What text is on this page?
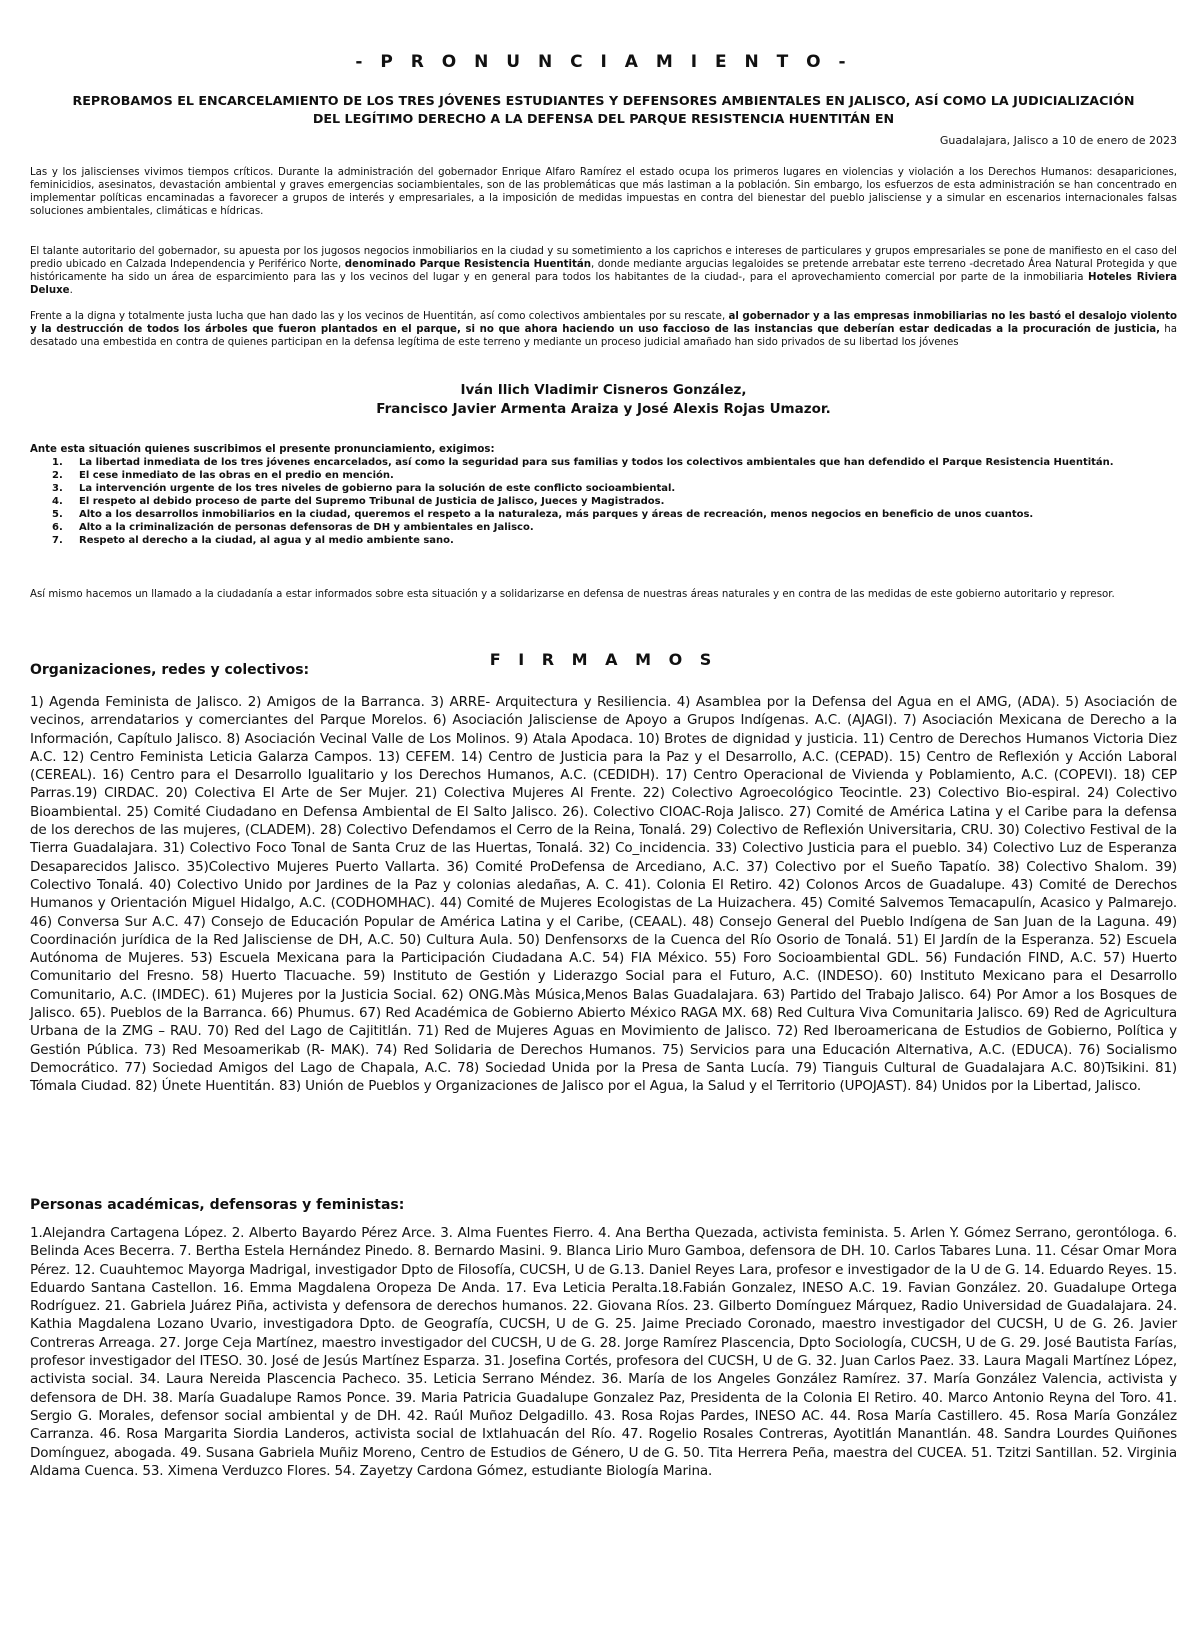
- P R O N U N C I A M I E N T O -
REPROBAMOS EL ENCARCELAMIENTO DE LOS TRES JÓVENES ESTUDIANTES Y DEFENSORES AMBIENTALES EN JALISCO, ASÍ COMO LA JUDICIALIZACIÓN
DEL LEGÍTIMO DERECHO A LA DEFENSA DEL PARQUE RESISTENCIA HUENTITÁN EN
Guadalajara, Jalisco a 10 de enero de 2023

Las y los jaliscienses vivimos tiempos críticos. Durante la administración del gobernador Enrique Alfaro Ramírez el estado ocupa los primeros lugares en violencias y violación a los Derechos Humanos: desapariciones, feminicidios, asesinatos, devastación ambiental y graves emergencias sociambientales, son de las problemáticas que más lastiman a la población. Sin embargo, los esfuerzos de esta administración se han concentrado en implementar políticas encaminadas a favorecer a grupos de interés y empresariales, a la imposición de medidas impuestas en contra del bienestar del pueblo jalisciense y a simular en escenarios internacionales falsas soluciones ambientales, climáticas e hídricas.

El talante autoritario del gobernador, su apuesta por los jugosos negocios inmobiliarios en la ciudad y su sometimiento a los caprichos e intereses de particulares y grupos empresariales se pone de manifiesto en el caso del predio ubicado en Calzada Independencia y Periférico Norte, denominado Parque Resistencia Huentitán, donde mediante argucias legaloides se pretende arrebatar este terreno -decretado Área Natural Protegida y que históricamente ha sido un área de esparcimiento para las y los vecinos del lugar y en general para todos los habitantes de la ciudad-, para el aprovechamiento comercial por parte de la inmobiliaria Hoteles Riviera Deluxe.

Frente a la digna y totalmente justa lucha que han dado las y los vecinos de Huentitán, así como colectivos ambientales por su rescate, al gobernador y a las empresas inmobiliarias no les bastó el desalojo violento y la destrucción de todos los árboles que fueron plantados en el parque, si no que ahora haciendo un uso faccioso de las instancias que deberían estar dedicadas a la procuración de justicia, ha desatado una embestida en contra de quienes participan en la defensa legítima de este terreno y mediante un proceso judicial amañado han sido privados de su libertad los jóvenes

Iván Ilich Vladimir Cisneros González,
Francisco Javier Armenta Araiza y José Alexis Rojas Umazor.

Ante esta situación quienes suscribimos el presente pronunciamiento, exigimos:

1. La libertad inmediata de los tres jóvenes encarcelados, así como la seguridad para sus familias y todos los colectivos ambientales que han defendido el Parque Resistencia Huentitán.
2. El cese inmediato de las obras en el predio en mención.
3. La intervención urgente de los tres niveles de gobierno para la solución de este conflicto socioambiental.
4. El respeto al debido proceso de parte del Supremo Tribunal de Justicia de Jalisco, Jueces y Magistrados.
5. Alto a los desarrollos inmobiliarios en la ciudad, queremos el respeto a la naturaleza, más parques y áreas de recreación, menos negocios en beneficio de unos cuantos.
6. Alto a la criminalización de personas defensoras de DH y ambientales en Jalisco.
7. Respeto al derecho a la ciudad, al agua y al medio ambiente sano.

Así mismo hacemos un llamado a la ciudadanía a estar informados sobre esta situación y a solidarizarse en defensa de nuestras áreas naturales y en contra de las medidas de este gobierno autoritario y represor.

F I R M A M O S
Organizaciones, redes y colectivos:

1) Agenda Feminista de Jalisco. 2) Amigos de la Barranca. 3) ARRE- Arquitectura y Resiliencia. 4) Asamblea por la Defensa del Agua en el AMG, (ADA). 5) Asociación de vecinos, arrendatarios y comerciantes del Parque Morelos. 6) Asociación Jalisciense de Apoyo a Grupos Indígenas. A.C. (AJAGI). 7) Asociación Mexicana de Derecho a la Información, Capítulo Jalisco. 8) Asociación Vecinal Valle de Los Molinos. 9) Atala Apodaca. 10) Brotes de dignidad y justicia. 11) Centro de Derechos Humanos Victoria Diez A.C. 12) Centro Feminista Leticia Galarza Campos. 13) CEFEM. 14) Centro de Justicia para la Paz y el Desarrollo, A.C. (CEPAD). 15) Centro de Reflexión y Acción Laboral (CEREAL). 16) Centro para el Desarrollo Igualitario y los Derechos Humanos, A.C. (CEDIDH). 17) Centro Operacional de Vivienda y Poblamiento, A.C. (COPEVI). 18) CEP Parras.19) CIRDAC. 20) Colectiva El Arte de Ser Mujer. 21) Colectiva Mujeres Al Frente. 22) Colectivo Agroecológico Teocintle. 23) Colectivo Bio-espiral. 24) Colectivo Bioambiental. 25) Comité Ciudadano en Defensa Ambiental de El Salto Jalisco. 26). Colectivo CIOAC-Roja Jalisco. 27) Comité de América Latina y el Caribe para la defensa de los derechos de las mujeres, (CLADEM). 28) Colectivo Defendamos el Cerro de la Reina, Tonalá. 29) Colectivo de Reflexión Universitaria, CRU. 30) Colectivo Festival de la Tierra Guadalajara. 31) Colectivo Foco Tonal de Santa Cruz de las Huertas, Tonalá. 32) Co_incidencia. 33) Colectivo Justicia para el pueblo. 34) Colectivo Luz de Esperanza Desaparecidos Jalisco. 35)Colectivo Mujeres Puerto Vallarta. 36) Comité ProDefensa de Arcediano, A.C. 37) Colectivo por el Sueño Tapatío. 38) Colectivo Shalom. 39) Colectivo Tonalá. 40) Colectivo Unido por Jardines de la Paz y colonias aledañas, A. C. 41). Colonia El Retiro. 42) Colonos Arcos de Guadalupe. 43) Comité de Derechos Humanos y Orientación Miguel Hidalgo, A.C. (CODHOMHAC). 44) Comité de Mujeres Ecologistas de La Huizachera. 45) Comité Salvemos Temacapulín, Acasico y Palmarejo. 46) Conversa Sur A.C. 47) Consejo de Educación Popular de América Latina y el Caribe, (CEAAL). 48) Consejo General del Pueblo Indígena de San Juan de la Laguna. 49) Coordinación jurídica de la Red Jalisciense de DH, A.C. 50) Cultura Aula. 50) Denfensorxs de la Cuenca del Río Osorio de Tonalá. 51) El Jardín de la Esperanza. 52) Escuela Autónoma de Mujeres. 53) Escuela Mexicana para la Participación Ciudadana A.C. 54) FIA México. 55) Foro Socioambiental GDL. 56) Fundación FIND, A.C. 57) Huerto Comunitario del Fresno. 58) Huerto Tlacuache. 59) Instituto de Gestión y Liderazgo Social para el Futuro, A.C. (INDESO). 60) Instituto Mexicano para el Desarrollo Comunitario, A.C. (IMDEC). 61) Mujeres por la Justicia Social. 62) ONG.Màs Música,Menos Balas Guadalajara. 63) Partido del Trabajo Jalisco. 64) Por Amor a los Bosques de Jalisco. 65). Pueblos de la Barranca. 66) Phumus. 67) Red Académica de Gobierno Abierto México RAGA MX. 68) Red Cultura Viva Comunitaria Jalisco. 69) Red de Agricultura Urbana de la ZMG – RAU. 70) Red del Lago de Cajititlán. 71) Red de Mujeres Aguas en Movimiento de Jalisco. 72) Red Iberoamericana de Estudios de Gobierno, Política y Gestión Pública. 73) Red Mesoamerikab (R- MAK). 74) Red Solidaria de Derechos Humanos. 75) Servicios para una Educación Alternativa, A.C. (EDUCA). 76) Socialismo Democrático. 77) Sociedad Amigos del Lago de Chapala, A.C. 78) Sociedad Unida por la Presa de Santa Lucía. 79) Tianguis Cultural de Guadalajara A.C. 80)Tsikini. 81) Tómala Ciudad. 82) Únete Huentitán. 83) Unión de Pueblos y Organizaciones de Jalisco por el Agua, la Salud y el Territorio (UPOJAST). 84) Unidos por la Libertad, Jalisco.

Personas académicas, defensoras y feministas:

1.Alejandra Cartagena López. 2. Alberto Bayardo Pérez Arce. 3. Alma Fuentes Fierro. 4. Ana Bertha Quezada, activista feminista. 5. Arlen Y. Gómez Serrano, gerontóloga. 6. Belinda Aces Becerra. 7. Bertha Estela Hernández Pinedo. 8. Bernardo Masini. 9. Blanca Lirio Muro Gamboa, defensora de DH. 10. Carlos Tabares Luna. 11. César Omar Mora Pérez. 12. Cuauhtemoc Mayorga Madrigal, investigador Dpto de Filosofía, CUCSH, U de G.13. Daniel Reyes Lara, profesor e investigador de la U de G. 14. Eduardo Reyes. 15. Eduardo Santana Castellon. 16. Emma Magdalena Oropeza De Anda. 17. Eva Leticia Peralta.18.Fabián Gonzalez, INESO A.C. 19. Favian González. 20. Guadalupe Ortega Rodríguez. 21. Gabriela Juárez Piña, activista y defensora de derechos humanos. 22. Giovana Ríos. 23. Gilberto Domínguez Márquez, Radio Universidad de Guadalajara. 24. Kathia Magdalena Lozano Uvario, investigadora Dpto. de Geografía, CUCSH, U de G. 25. Jaime Preciado Coronado, maestro investigador del CUCSH, U de G. 26. Javier Contreras Arreaga. 27. Jorge Ceja Martínez, maestro investigador del CUCSH, U de G. 28. Jorge Ramírez Plascencia, Dpto Sociología, CUCSH, U de G. 29. José Bautista Farías, profesor investigador del ITESO. 30. José de Jesús Martínez Esparza. 31. Josefina Cortés, profesora del CUCSH, U de G. 32. Juan Carlos Paez. 33. Laura Magali Martínez López, activista social. 34. Laura Nereida Plascencia Pacheco. 35. Leticia Serrano Méndez. 36. María de los Angeles González Ramírez. 37. María González Valencia, activista y defensora de DH. 38. María Guadalupe Ramos Ponce. 39. Maria Patricia Guadalupe Gonzalez Paz, Presidenta de la Colonia El Retiro. 40. Marco Antonio Reyna del Toro. 41. Sergio G. Morales, defensor social ambiental y de DH. 42. Raúl Muñoz Delgadillo. 43. Rosa Rojas Pardes, INESO AC. 44. Rosa María Castillero. 45. Rosa María González Carranza. 46. Rosa Margarita Siordia Landeros, activista social de Ixtlahuacán del Río. 47. Rogelio Rosales Contreras, Ayotitlán Manantlán. 48. Sandra Lourdes Quiñones Domínguez, abogada. 49. Susana Gabriela Muñiz Moreno, Centro de Estudios de Género, U de G. 50. Tita Herrera Peña, maestra del CUCEA. 51. Tzitzi Santillan. 52. Virginia Aldama Cuenca. 53. Ximena Verduzco Flores. 54. Zayetzy Cardona Gómez, estudiante Biología Marina.
